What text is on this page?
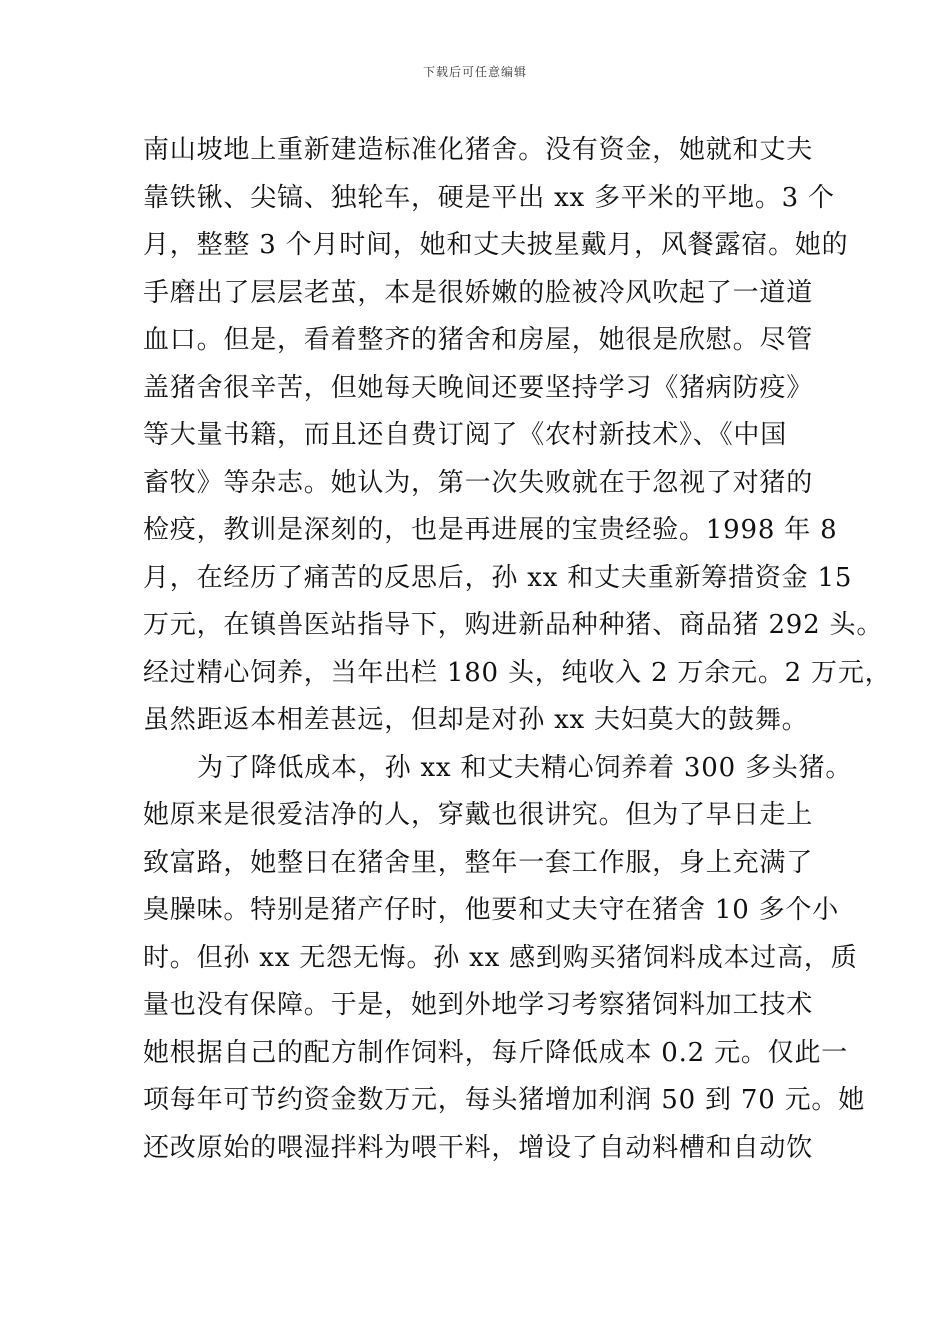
下载后可任意编辑
南山坡地上重新建造标准化猪舍。没有资金，她就和丈夫
靠铁锹、尖镐、独轮车，硬是平出 xx 多平米的平地。3 个
月，整整 3 个月时间，她和丈夫披星戴月，风餐露宿。她的
手磨出了层层老茧，本是很娇嫩的脸被冷风吹起了一道道
血口。但是，看着整齐的猪舍和房屋，她很是欣慰。尽管
盖猪舍很辛苦，但她每天晚间还要坚持学习《猪病防疫》
等大量书籍，而且还自费订阅了《农村新技术》、《中国
畜牧》等杂志。她认为，第一次失败就在于忽视了对猪的
检疫，教训是深刻的，也是再进展的宝贵经验。1998 年 8
月，在经历了痛苦的反思后，孙 xx 和丈夫重新筹措资金 15
万元，在镇兽医站指导下，购进新品种种猪、商品猪 292 头。
经过精心饲养，当年出栏 180 头，纯收入 2 万余元。2 万元，
虽然距返本相差甚远，但却是对孙 xx 夫妇莫大的鼓舞。
为了降低成本，孙 xx 和丈夫精心饲养着 300 多头猪。
她原来是很爱洁净的人，穿戴也很讲究。但为了早日走上
致富路，她整日在猪舍里，整年一套工作服，身上充满了
臭臊味。特别是猪产仔时，他要和丈夫守在猪舍 10 多个小
时。但孙 xx 无怨无悔。孙 xx 感到购买猪饲料成本过高，质
量也没有保障。于是，她到外地学习考察猪饲料加工技术
她根据自己的配方制作饲料，每斤降低成本 0.2 元。仅此一
项每年可节约资金数万元，每头猪增加利润 50 到 70 元。她
还改原始的喂湿拌料为喂干料，增设了自动料槽和自动饮
